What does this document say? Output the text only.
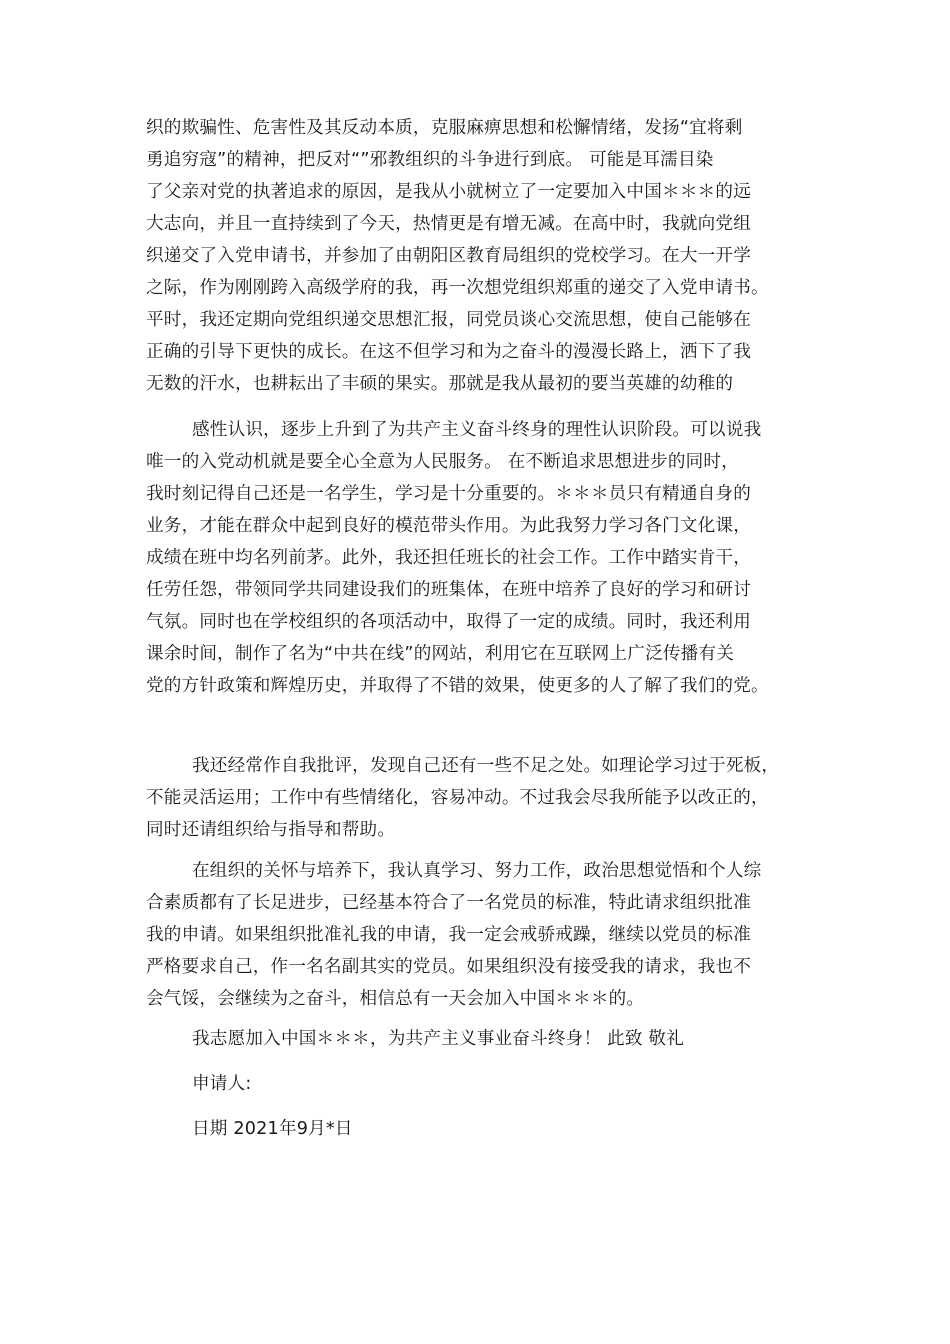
织的欺骗性、危害性及其反动本质，克服麻痹思想和松懈情绪，发扬“宜将剩
勇追穷寇”的精神，把反对“”邪教组织的斗争进行到底。 可能是耳濡目染
了父亲对党的执著追求的原因，是我从小就树立了一定要加入中国＊＊＊的远
大志向，并且一直持续到了今天，热情更是有增无减。在高中时，我就向党组
织递交了入党申请书，并参加了由朝阳区教育局组织的党校学习。在大一开学
之际，作为刚刚跨入高级学府的我，再一次想党组织郑重的递交了入党申请书。
平时，我还定期向党组织递交思想汇报，同党员谈心交流思想，使自己能够在
正确的引导下更快的成长。在这不但学习和为之奋斗的漫漫长路上，洒下了我
无数的汗水，也耕耘出了丰硕的果实。那就是我从最初的要当英雄的幼稚的
感性认识，逐步上升到了为共产主义奋斗终身的理性认识阶段。可以说我
唯一的入党动机就是要全心全意为人民服务。 在不断追求思想进步的同时，
我时刻记得自己还是一名学生，学习是十分重要的。＊＊＊员只有精通自身的
业务，才能在群众中起到良好的模范带头作用。为此我努力学习各门文化课，
成绩在班中均名列前茅。此外，我还担任班长的社会工作。工作中踏实肯干，
任劳任怨，带领同学共同建设我们的班集体，在班中培养了良好的学习和研讨
气氛。同时也在学校组织的各项活动中，取得了一定的成绩。同时，我还利用
课余时间，制作了名为“中共在线”的网站，利用它在互联网上广泛传播有关
党的方针政策和辉煌历史，并取得了不错的效果，使更多的人了解了我们的党。
我还经常作自我批评，发现自己还有一些不足之处。如理论学习过于死板，
不能灵活运用；工作中有些情绪化，容易冲动。不过我会尽我所能予以改正的，
同时还请组织给与指导和帮助。
在组织的关怀与培养下，我认真学习、努力工作，政治思想觉悟和个人综
合素质都有了长足进步，已经基本符合了一名党员的标准，特此请求组织批准
我的申请。如果组织批准礼我的申请，我一定会戒骄戒躁，继续以党员的标准
严格要求自己，作一名名副其实的党员。如果组织没有接受我的请求，我也不
会气馁，会继续为之奋斗，相信总有一天会加入中国＊＊＊的。
我志愿加入中国＊＊＊，为共产主义事业奋斗终身！ 此致 敬礼
申请人:
日期 2021年9月*日
